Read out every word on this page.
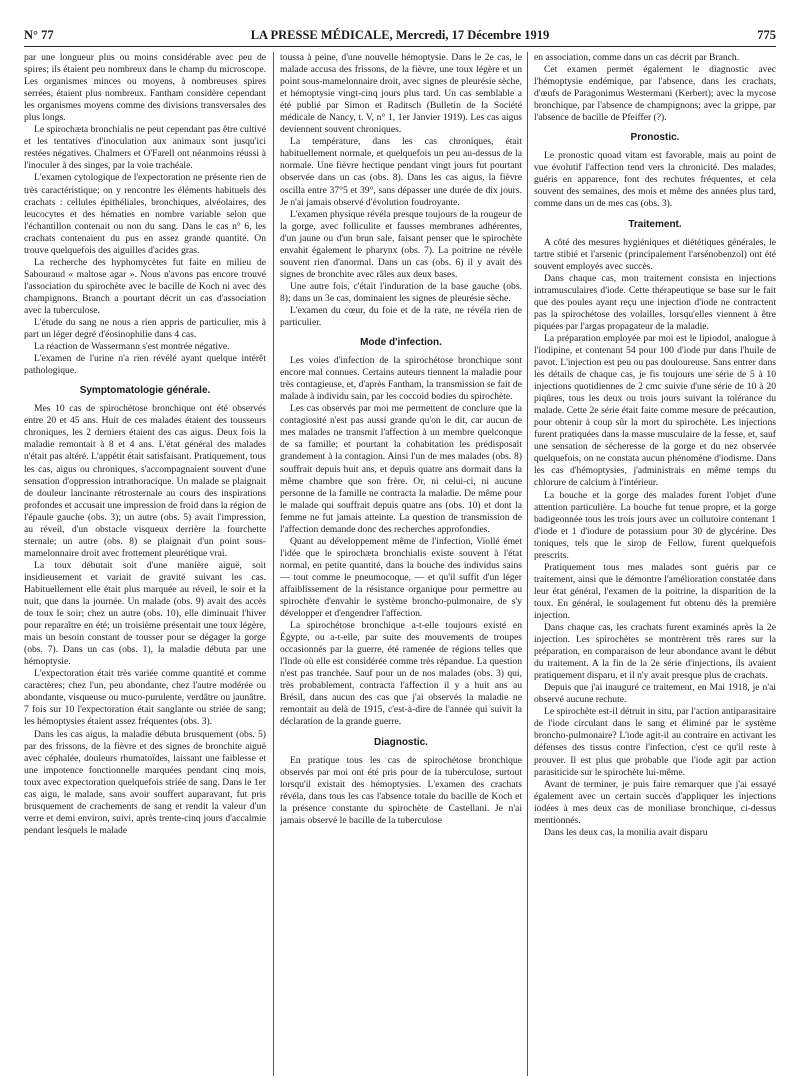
N° 77	LA PRESSE MÉDICALE, Mercredi, 17 Décembre 1919	775

par une longueur plus ou moins considérable avec peu de spires; ils étaient peu nombreux dans le champ du microscope. Les organismes minces ou moyens, à nombreuses spires serrées, étaient plus nombreux. Fantham considère cependant les organismes moyens comme des divisions transversales des plus longs.

Le spirochæta bronchialis ne peut cependant pas être cultivé et les tentatives d'inoculation aux animaux sont jusqu'ici restées négatives. Chalmers et O'Farell ont néanmoins réussi à l'inoculer à des singes, par la voie trachéale.

L'examen cytologique de l'expectoration ne présente rien de très caractéristique; on y rencontre les éléments habituels des crachats : cellules épithéliales, bronchiques, alvéolaires, des leucocytes et des hématies en nombre variable selon que l'échantillon contenait ou non du sang. Dans le cas n° 6, les crachats contenaient du pus en assez grande quantité. On trouve quelquefois des aiguilles d'acides gras.

La recherche des hyphomycètes fut faite en milieu de Sabouraud « maltose agar ». Nous n'avons pas encore trouvé l'association du spirochète avec le bacille de Koch ni avec des champignons. Branch a pourtant décrit un cas d'association avec la tuberculose.

L'étude du sang ne nous a rien appris de particulier, mis à part un léger degré d'éosinophilie dans 4 cas.

La réaction de Wassermann s'est montrée négative.

L'examen de l'urine n'a rien révélé ayant quelque intérêt pathologique.

Symptomatologie générale.

Mes 10 cas de spirochétose bronchique ont été observés entre 20 et 45 ans. Huit de ces malades étaient des tousseurs chroniques, les 2 derniers étaient des cas aigus. Deux fois la maladie remontait à 8 et 4 ans. L'état général des malades n'était pas altéré. L'appétit était satisfaisant. Pratiquement, tous les cas, aigus ou chroniques, s'accompagnaient souvent d'une sensation d'oppression intrathoracique. Un malade se plaignait de douleur lancinante rétrosternale au cours des inspirations profondes et accusait une impression de froid dans la région de l'épaule gauche (obs. 3); un autre (obs. 5) avait l'impression, au réveil, d'un obstacle visqueux derrière la fourchette sternale; un autre (obs. 8) se plaignait d'un point sous-mamelonnaire droit avec frottement pleurétique vrai.

La toux débutait soit d'une manière aiguë, soit insidieusement et variait de gravité suivant les cas. Habituellement elle était plus marquée au réveil, le soir et la nuit, que dans la journée. Un malade (obs. 9) avait des accès de toux le soir; chez un autre (obs. 10), elle diminuait l'hiver pour reparaître en été; un troisième présentait une toux légère, mais un besoin constant de tousser pour se dégager la gorge (obs. 7). Dans un cas (obs. 1), la maladie débuta par une hémoptysie.

L'expectoration était très variée comme quantité et comme caractères; chez l'un, peu abondante, chez l'autre modérée ou abondante, visqueuse ou muco-purulente, verdâtre ou jaunâtre. 7 fois sur 10 l'expectoration était sanglante ou striée de sang; les hémoptysies étaient assez fréquentes (obs. 3).

Dans les cas aigus, la maladie débuta brusquement (obs. 5) par des frissons, de la fièvre et des signes de bronchite aiguë avec céphalée, douleurs rhumatoïdes, laissant une faiblesse et une impotence fonctionnelle marquées pendant cinq mois, toux avec expectoration quelquefois striée de sang. Dans le 1er cas aigu, le malade, sans avoir souffert auparavant, fut pris brusquement de crachements de sang et rendit la valeur d'un verre et demi environ, suivi, après trente-cinq jours d'accalmie pendant lesquels le malade

toussa à peine, d'une nouvelle hémoptysie. Dans le 2e cas, le malade accusa des frissons, de la fièvre, une toux légère et un point sous-mamelonnaire droit, avec signes de pleurésie sèche, et hémoptysie vingt-cinq jours plus tard. Un cas semblable a été publié par Simon et Raditsch (Bulletin de la Société médicale de Nancy, t. V, n° 1, 1er Janvier 1919). Les cas aigus deviennent souvent chroniques.

La température, dans les cas chroniques, était habituellement normale, et quelquefois un peu au-dessus de la normale. Une fièvre hectique pendant vingt jours fut pourtant observée dans un cas (obs. 8). Dans les cas aigus, la fièvre oscilla entre 37°5 et 39°, sans dépasser une durée de dix jours. Je n'ai jamais observé d'évolution foudroyante.

L'examen physique révéla presque toujours de la rougeur de la gorge, avec folliculite et fausses membranes adhérentes, d'un jaune ou d'un brun sale, faisant penser que le spirochète envahit également le pharynx (obs. 7). La poitrine ne révèle souvent rien d'anormal. Dans un cas (obs. 6) il y avait des signes de bronchite avec râles aux deux bases.

Une autre fois, c'était l'induration de la base gauche (obs. 8); dans un 3e cas, dominaient les signes de pleurésie sèche.

L'examen du cœur, du foie et de la rate, ne révéla rien de particulier.

Mode d'infection.

Les voies d'infection de la spirochétose bronchique sont encore mal connues. Certains auteurs tiennent la maladie pour très contagieuse, et, d'après Fantham, la transmission se fait de malade à individu sain, par les coccoid bodies du spirochète.

Les cas observés par moi me permettent de conclure que la contagiosité n'est pas aussi grande qu'on le dit, car aucun de mes malades ne transmit l'affection à un membre quelconque de sa famille; et pourtant la cohabitation les prédisposait grandement à la contagion. Ainsi l'un de mes malades (obs. 8) souffrait depuis huit ans, et depuis quatre ans dormait dans la même chambre que son frère. Or, ni celui-ci, ni aucune personne de la famille ne contracta la maladie. De même pour le malade qui souffrait depuis quatre ans (obs. 10) et dont la femme ne fut jamais atteinte. La question de transmission de l'affection demande donc des recherches approfondies.

Quant au développement même de l'infection, Viollé émet l'idée que le spirochæta bronchialis existe souvent à l'état normal, en petite quantité, dans la bouche des individus sains — tout comme le pneumocoque, — et qu'il suffit d'un léger affaiblissement de la résistance organique pour permettre au spirochète d'envahir le système broncho-pulmonaire, de s'y développer et d'engendrer l'affection.

La spirochétose bronchique a-t-elle toujours existé en Égypte, ou a-t-elle, par suite des mouvements de troupes occasionnés par la guerre, été ramenée de régions telles que l'Inde où elle est considérée comme très répandue. La question n'est pas tranchée. Sauf pour un de nos malades (obs. 3) qui, très probablement, contracta l'affection il y a huit ans au Brésil, dans aucun des cas que j'ai observés la maladie ne remontait au delà de 1915, c'est-à-dire de l'année qui suivit la déclaration de la grande guerre.

Diagnostic.

En pratique tous les cas de spirochétose bronchique observés par moi ont été pris pour de la tuberculose, surtout lorsqu'il existait des hémoptysies. L'examen des crachats révéla, dans tous les cas l'absence totale du bacille de Koch et la présence constante du spirochète de Castellani. Je n'ai jamais observé le bacille de la tuberculose

en association, comme dans un cas décrit par Branch.

Cet examen permet également le diagnostic avec l'hémoptysie endémique, par l'absence, dans les crachats, d'œufs de Paragonimus Westermani (Kerbert); avec la mycose bronchique, par l'absence de champignons; avec la grippe, par l'absence de bacille de Pfeiffer (?).

Pronostic.

Le pronostic quoad vitam est favorable, mais au point de vue évolutif l'affection tend vers la chronicité. Des malades, guéris en apparence, font des rechutes fréquentes, et cela souvent des semaines, des mois et même des années plus tard, comme dans un de mes cas (obs. 3).

Traitement.

A côté des mesures hygiéniques et diététiques générales, le tartre stibié et l'arsenic (principalement l'arsénobenzol) ont été souvent employés avec succès.

Dans chaque cas, mon traitement consista en injections intramusculaires d'iode. Cette thérapeutique se base sur le fait que des poules ayant reçu une injection d'iode ne contractent pas la spirochétose des volailles, lorsqu'elles viennent à être piquées par l'argas propagateur de la maladie.

La préparation employée par moi est le lipiodol, analogue à l'iodipine, et contenant 54 pour 100 d'iode pur dans l'huile de pavot. L'injection est peu ou pas douloureuse. Sans entrer dans les détails de chaque cas, je fis toujours une série de 5 à 10 injections quotidiennes de 2 cmc suivie d'une série de 10 à 20 piqûres, tous les deux ou trois jours suivant la tolérance du malade. Cette 2e série était faite comme mesure de précaution, pour obtenir à coup sûr la mort du spirochète. Les injections furent pratiquées dans la masse musculaire de la fesse, et, sauf une sensation de sécheresse de la gorge et du nez observée quelquefois, on ne constata aucun phénomène d'iodisme. Dans les cas d'hémoptysies, j'administrais en même temps du chlorure de calcium à l'intérieur.

La bouche et la gorge des malades furent l'objet d'une attention particulière. La bouche fut tenue propre, et la gorge badigeonnée tous les trois jours avec un collutoire contenant 1 d'iode et 1 d'iodure de potassium pour 30 de glycérine. Des toniques, tels que le sirop de Fellow, furent quelquefois prescrits.

Pratiquement tous mes malades sont guéris par ce traitement, ainsi que le démontre l'amélioration constatée dans leur état général, l'examen de la poitrine, la disparition de la toux. En général, le soulagement fut obtenu dès la première injection.

Dans chaque cas, les crachats furent examinés après la 2e injection. Les spirochètes se montrèrent très rares sur la préparation, en comparaison de leur abondance avant le début du traitement. A la fin de la 2e série d'injections, ils avaient pratiquement disparu, et il n'y avait presque plus de crachats.

Depuis que j'ai inauguré ce traitement, en Mai 1918, je n'ai observé aucune rechute.

Le spirochète est-il détruit in situ, par l'action antiparasitaire de l'iode circulant dans le sang et éliminé par le système broncho-pulmonaire? L'iode agit-il au contraire en activant les défenses des tissus contre l'infection, c'est ce qu'il reste à prouver. Il est plus que probable que l'iode agit par action parasiticide sur le spirochète lui-même.

Avant de terminer, je puis faire remarquer que j'ai essayé également avec un certain succès d'appliquer les injections iodées à mes deux cas de moniliase bronchique, ci-dessus mentionnés.

Dans les deux cas, la monilia avait disparu
